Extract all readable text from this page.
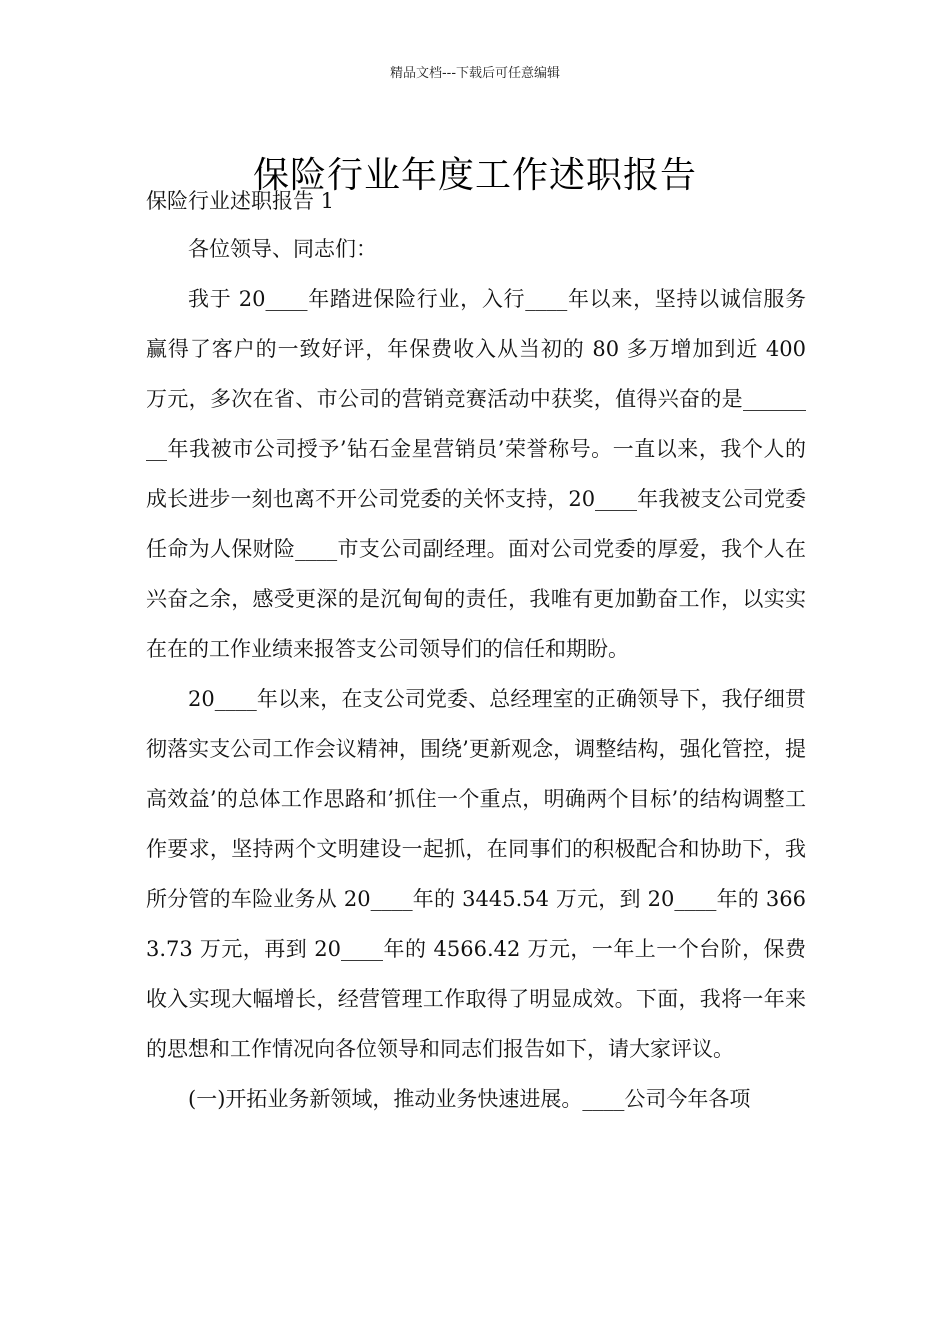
精品文档---下载后可任意编辑
保险行业年度工作述职报告
保险行业述职报告 1

各位领导、同志们：

我于 20____年踏进保险行业，入行____年以来，坚持以诚信服务赢得了客户的一致好评，年保费收入从当初的 80 多万增加到近 400 万元，多次在省、市公司的营销竞赛活动中获奖，值得兴奋的是________年我被市公司授予’钻石金星营销员’荣誉称号。一直以来，我个人的成长进步一刻也离不开公司党委的关怀支持，20____年我被支公司党委任命为人保财险____市支公司副经理。面对公司党委的厚爱，我个人在兴奋之余，感受更深的是沉甸甸的责任，我唯有更加勤奋工作，以实实在在的工作业绩来报答支公司领导们的信任和期盼。

20____年以来，在支公司党委、总经理室的正确领导下，我仔细贯彻落实支公司工作会议精神，围绕’更新观念，调整结构，强化管控，提高效益’的总体工作思路和’抓住一个重点，明确两个目标’的结构调整工作要求，坚持两个文明建设一起抓，在同事们的积极配合和协助下，我所分管的车险业务从 20____年的 3445.54 万元，到 20____年的 3663.73 万元，再到 20____年的 4566.42 万元，一年上一个台阶，保费收入实现大幅增长，经营管理工作取得了明显成效。下面，我将一年来的思想和工作情况向各位领导和同志们报告如下，请大家评议。

(一)开拓业务新领域，推动业务快速进展。____公司今年各项
